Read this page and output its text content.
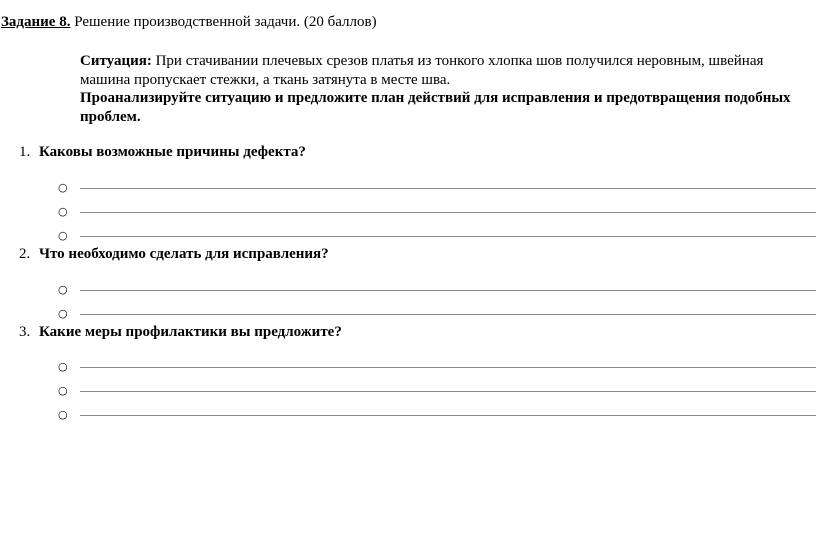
Задание 8. Решение производственной задачи. (20 баллов)
Ситуация: При стачивании плечевых срезов платья из тонкого хлопка шов получился неровным, швейная машина пропускает стежки, а ткань затянута в месте шва.
Проанализируйте ситуацию и предложите план действий для исправления и предотвращения подобных проблем.
1. Каковы возможные причины дефекта?
○
○
○
2. Что необходимо сделать для исправления?
○
○
3. Какие меры профилактики вы предложите?
○
○
○
